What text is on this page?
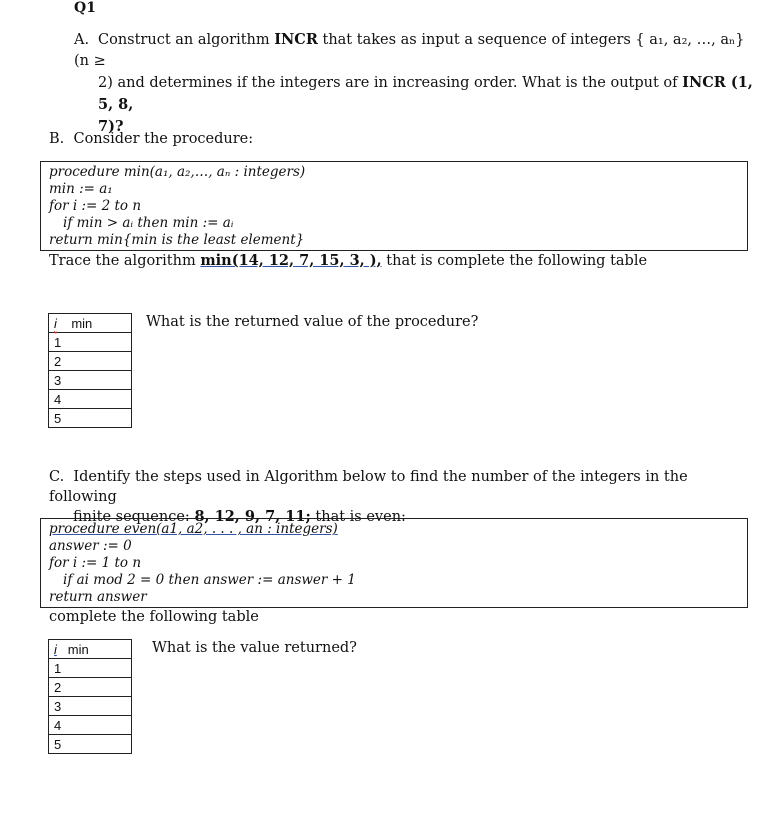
Q1
A. Construct an algorithm INCR that takes as input a sequence of integers { a₁, a₂, …, aₙ} (n ≥
2) and determines if the integers are in increasing order. What is the output of INCR (1, 5, 8,
7)?
B. Consider the procedure:
procedure min(a₁, a₂,…, aₙ : integers)
min := a₁
for i := 2 to n
if min > aᵢ then min := aᵢ
return min{min is the least element}
Trace the algorithm min(14, 12, 7, 15, 3, ), that is complete the following table
i min
1
2
3
4
5
What is the returned value of the procedure?
C. Identify the steps used in Algorithm below to find the number of the integers in the following
finite sequence: 8, 12, 9, 7, 11; that is even:
procedure even(a1, a2, . . . , an : integers)
answer := 0
for i := 1 to n
if ai mod 2 = 0 then answer := answer + 1
return answer
complete the following table
i min
1
2
3
4
5
What is the value returned?
